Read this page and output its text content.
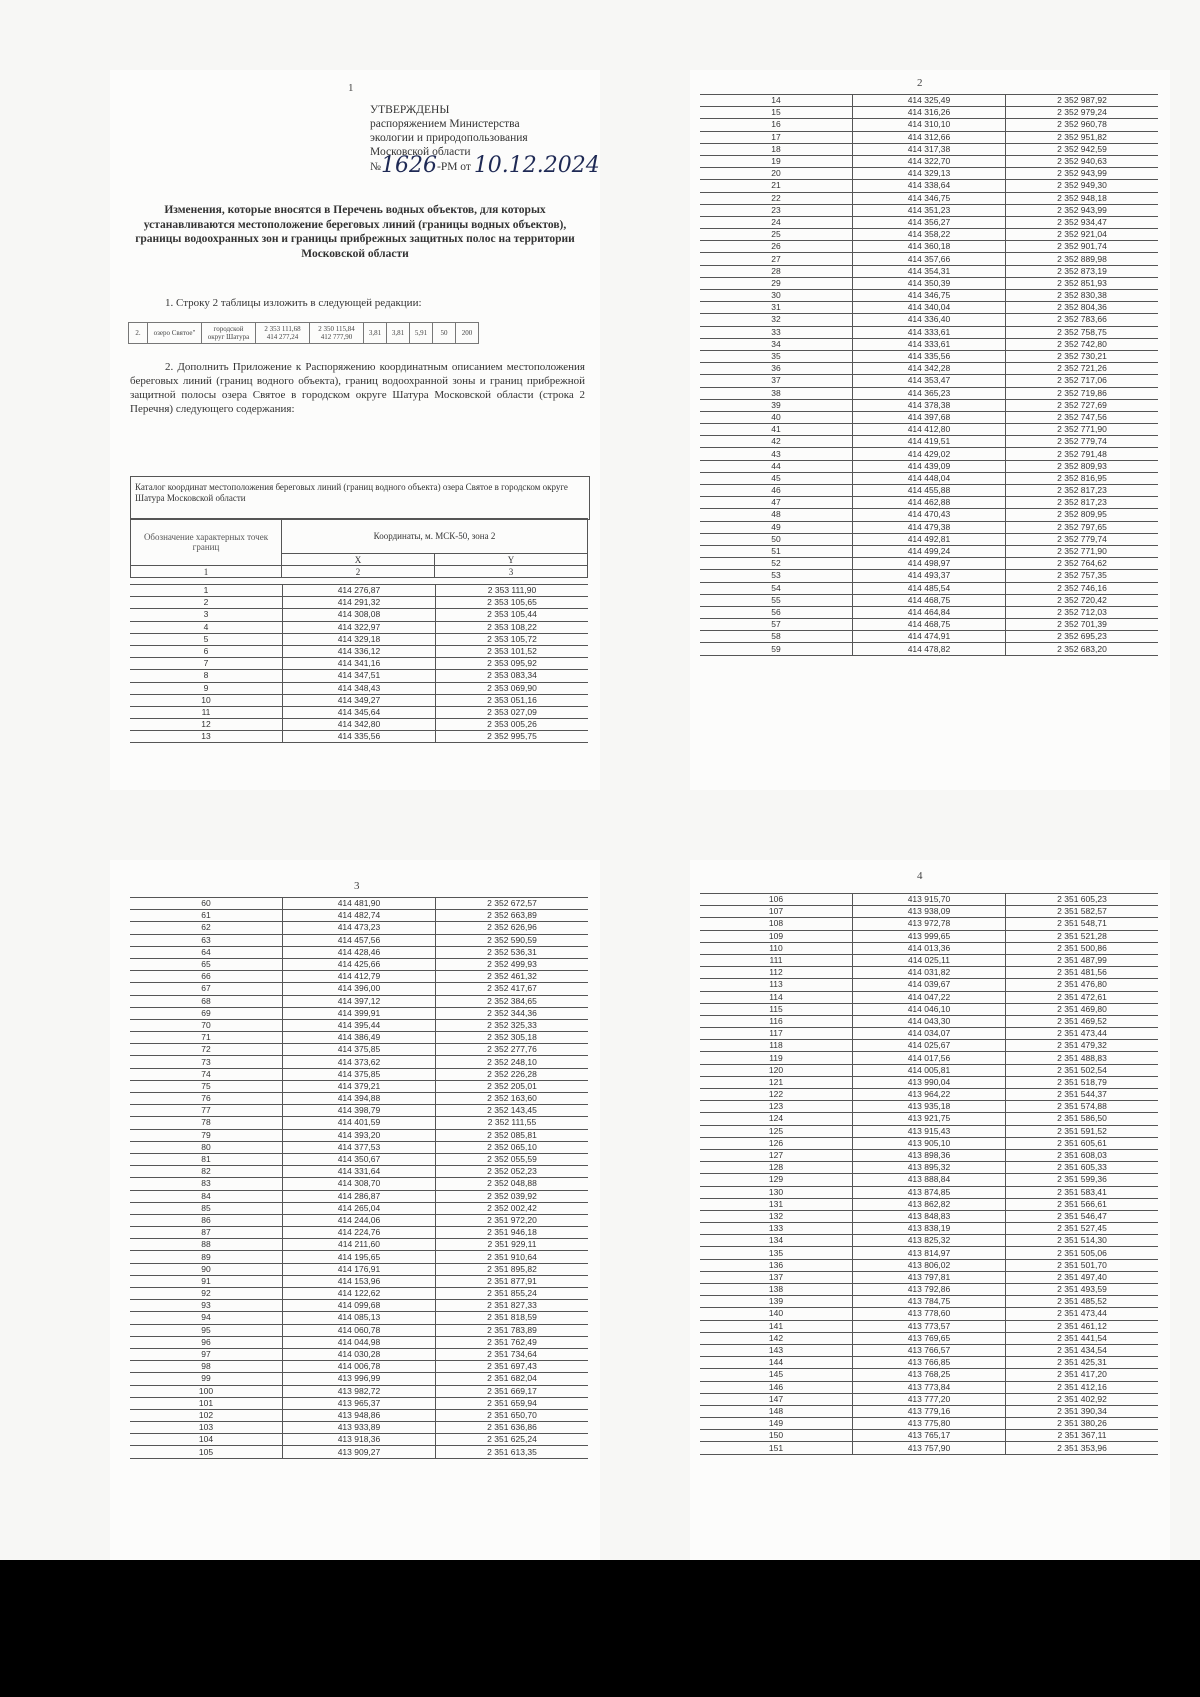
1	2
3
4
УТВЕРЖДЕНЫ
распоряжением Министерства
экологии и природопользования
Московской области
№1626-РМ от 10.12.2024
Изменения, которые вносятся в Перечень водных объектов, для которых устанавливаются местоположение береговых линий (границы водных объектов), границы водоохранных зон и границы прибрежных защитных полос на территории Московской области
1. Строку 2 таблицы изложить в следующей редакции:
2.	озеро Святое"	городской округ Шатура	2 353 111,68 414 277,24	2 350 115,84 412 777,90	3,81	3,81	5,91	50	200
2. Дополнить Приложение к Распоряжению координатным описанием местоположения береговых линий (границ водного объекта), границ водоохранной зоны и границ прибрежной защитной полосы озера Святое в городском округе Шатура Московской области (строка 2 Перечня) следующего содержания:
Каталог координат местоположения береговых линий (границ водного объекта) озера Святое в городском округе Шатура Московской области
Обозначение характерных точек границ	Координаты, м. МСК-50, зона 2	
	X	Y
1	2	3
1	414 276,87	2 353 111,90
2	414 291,32	2 353 105,65
3	414 308,08	2 353 105,44
4	414 322,97	2 353 108,22
5	414 329,18	2 353 105,72
6	414 336,12	2 353 101,52
7	414 341,16	2 353 095,92
8	414 347,51	2 353 083,34
9	414 348,43	2 353 069,90
10	414 349,27	2 353 051,16
11	414 345,64	2 353 027,09
12	414 342,80	2 353 005,26
13	414 335,56	2 352 995,75
14	414 325,49	2 352 987,92
15	414 316,26	2 352 979,24
16	414 310,10	2 352 960,78
17	414 312,66	2 352 951,82
18	414 317,38	2 352 942,59
19	414 322,70	2 352 940,63
20	414 329,13	2 352 943,99
21	414 338,64	2 352 949,30
22	414 346,75	2 352 948,18
23	414 351,23	2 352 943,99
24	414 356,27	2 352 934,47
25	414 358,22	2 352 921,04
26	414 360,18	2 352 901,74
27	414 357,66	2 352 889,98
28	414 354,31	2 352 873,19
29	414 350,39	2 352 851,93
30	414 346,75	2 352 830,38
31	414 340,04	2 352 804,36
32	414 336,40	2 352 783,66
33	414 333,61	2 352 758,75
34	414 333,61	2 352 742,80
35	414 335,56	2 352 730,21
36	414 342,28	2 352 721,26
37	414 353,47	2 352 717,06
38	414 365,23	2 352 719,86
39	414 378,38	2 352 727,69
40	414 397,68	2 352 747,56
41	414 412,80	2 352 771,90
42	414 419,51	2 352 779,74
43	414 429,02	2 352 791,48
44	414 439,09	2 352 809,93
45	414 448,04	2 352 816,95
46	414 455,88	2 352 817,23
47	414 462,88	2 352 817,23
48	414 470,43	2 352 809,95
49	414 479,38	2 352 797,65
50	414 492,81	2 352 779,74
51	414 499,24	2 352 771,90
52	414 498,97	2 352 764,62
53	414 493,37	2 352 757,35
54	414 485,54	2 352 746,16
55	414 468,75	2 352 720,42
56	414 464,84	2 352 712,03
57	414 468,75	2 352 701,39
58	414 474,91	2 352 695,23
59	414 478,82	2 352 683,20
60	414 481,90	2 352 672,57
61	414 482,74	2 352 663,89
62	414 473,23	2 352 626,96
63	414 457,56	2 352 590,59
64	414 428,46	2 352 536,31
65	414 425,66	2 352 499,93
66	414 412,79	2 352 461,32
67	414 396,00	2 352 417,67
68	414 397,12	2 352 384,65
69	414 399,91	2 352 344,36
70	414 395,44	2 352 325,33
71	414 386,49	2 352 305,18
72	414 375,85	2 352 277,76
73	414 373,62	2 352 248,10
74	414 375,85	2 352 226,28
75	414 379,21	2 352 205,01
76	414 394,88	2 352 163,60
77	414 398,79	2 352 143,45
78	414 401,59	2 352 111,55
79	414 393,20	2 352 085,81
80	414 377,53	2 352 065,10
81	414 350,67	2 352 055,59
82	414 331,64	2 352 052,23
83	414 308,70	2 352 048,88
84	414 286,87	2 352 039,92
85	414 265,04	2 352 002,42
86	414 244,06	2 351 972,20
87	414 224,76	2 351 946,18
88	414 211,60	2 351 929,11
89	414 195,65	2 351 910,64
90	414 176,91	2 351 895,82
91	414 153,96	2 351 877,91
92	414 122,62	2 351 855,24
93	414 099,68	2 351 827,33
94	414 085,13	2 351 818,59
95	414 060,78	2 351 783,89
96	414 044,98	2 351 762,49
97	414 030,28	2 351 734,64
98	414 006,78	2 351 697,43
99	413 996,99	2 351 682,04
100	413 982,72	2 351 669,17
101	413 965,37	2 351 659,94
102	413 948,86	2 351 650,70
103	413 933,89	2 351 636,86
104	413 918,36	2 351 625,24
105	413 909,27	2 351 613,35
106	413 915,70	2 351 605,23
107	413 938,09	2 351 582,57
108	413 972,78	2 351 548,71
109	413 999,65	2 351 521,28
110	414 013,36	2 351 500,86
111	414 025,11	2 351 487,99
112	414 031,82	2 351 481,56
113	414 039,67	2 351 476,80
114	414 047,22	2 351 472,61
115	414 046,10	2 351 469,80
116	414 043,30	2 351 469,52
117	414 034,07	2 351 473,44
118	414 025,67	2 351 479,32
119	414 017,56	2 351 488,83
120	414 005,81	2 351 502,54
121	413 990,04	2 351 518,79
122	413 964,22	2 351 544,37
123	413 935,18	2 351 574,88
124	413 921,75	2 351 586,50
125	413 915,43	2 351 591,52
126	413 905,10	2 351 605,61
127	413 898,36	2 351 608,03
128	413 895,32	2 351 605,33
129	413 888,84	2 351 599,36
130	413 874,85	2 351 583,41
131	413 862,82	2 351 566,61
132	413 848,83	2 351 546,47
133	413 838,19	2 351 527,45
134	413 825,32	2 351 514,30
135	413 814,97	2 351 505,06
136	413 806,02	2 351 501,70
137	413 797,81	2 351 497,40
138	413 792,86	2 351 493,59
139	413 784,75	2 351 485,52
140	413 778,60	2 351 473,44
141	413 773,57	2 351 461,12
142	413 769,65	2 351 441,54
143	413 766,57	2 351 434,54
144	413 766,85	2 351 425,31
145	413 768,25	2 351 417,20
146	413 773,84	2 351 412,16
147	413 777,20	2 351 402,92
148	413 779,16	2 351 390,34
149	413 775,80	2 351 380,26
150	413 765,17	2 351 367,11
151	413 757,90	2 351 353,96
